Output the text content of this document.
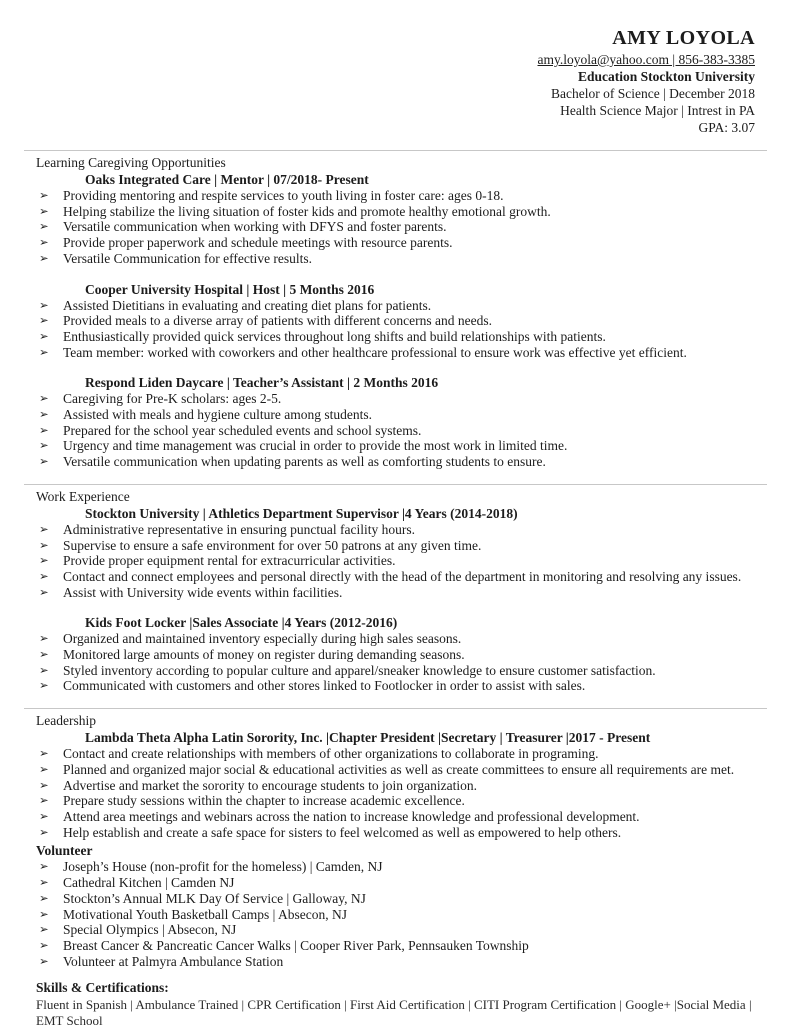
AMY LOYOLA
amy.loyola@yahoo.com | 856-383-3385
Education Stockton University
Bachelor of Science | December 2018
Health Science Major | Intrest in PA
GPA: 3.07
Learning Caregiving Opportunities
Oaks Integrated Care | Mentor | 07/2018- Present
➢	Providing mentoring and respite services to youth living in foster care: ages 0-18.
➢	Helping stabilize the living situation of foster kids and promote healthy emotional growth.
➢	Versatile communication when working with DFYS and foster parents.
➢	Provide proper paperwork and schedule meetings with resource parents.
➢	Versatile Communication for effective results.
Cooper University Hospital | Host | 5 Months 2016
➢	Assisted Dietitians in evaluating and creating diet plans for patients.
➢	Provided meals to a diverse array of patients with different concerns and needs.
➢	Enthusiastically provided quick services throughout long shifts and build relationships with patients.
➢	Team member: worked with coworkers and other healthcare professional to ensure work was effective yet efficient.
Respond Liden Daycare | Teacher’s Assistant | 2 Months 2016
➢	Caregiving for Pre-K scholars: ages 2-5.
➢	Assisted with meals and hygiene culture among students.
➢	Prepared for the school year scheduled events and school systems.
➢	Urgency and time management was crucial in order to provide the most work in limited time.
➢	Versatile communication when updating parents as well as comforting students to ensure.
Work Experience
Stockton University | Athletics Department Supervisor |4 Years (2014-2018)
➢	Administrative representative in ensuring punctual facility hours.
➢	Supervise to ensure a safe environment for over 50 patrons at any given time.
➢	Provide proper equipment rental for extracurricular activities.
➢	Contact and connect employees and personal directly with the head of the department in monitoring and resolving any issues.
➢	Assist with University wide events within facilities.
Kids Foot Locker |Sales Associate |4 Years (2012-2016)
➢	Organized and maintained inventory especially during high sales seasons.
➢	Monitored large amounts of money on register during demanding seasons.
➢	Styled inventory according to popular culture and apparel/sneaker knowledge to ensure customer satisfaction.
➢	Communicated with customers and other stores linked to Footlocker in order to assist with sales.
Leadership
Lambda Theta Alpha Latin Sorority, Inc. |Chapter President |Secretary | Treasurer |2017 - Present
➢	Contact and create relationships with members of other organizations to collaborate in programing.
➢	Planned and organized major social & educational activities as well as create committees to ensure all requirements are met.
➢	Advertise and market the sorority to encourage students to join organization.
➢	Prepare study sessions within the chapter to increase academic excellence.
➢	Attend area meetings and webinars across the nation to increase knowledge and professional development.
➢	Help establish and create a safe space for sisters to feel welcomed as well as empowered to help others.
Volunteer
➢	Joseph’s House (non-profit for the homeless) | Camden, NJ
➢	Cathedral Kitchen | Camden NJ
➢	Stockton’s Annual MLK Day Of Service | Galloway, NJ
➢	Motivational Youth Basketball Camps | Absecon, NJ
➢	Special Olympics | Absecon, NJ
➢	Breast Cancer & Pancreatic Cancer Walks | Cooper River Park, Pennsauken Township
➢	Volunteer at Palmyra Ambulance Station
Skills & Certifications:
Fluent in Spanish | Ambulance Trained | CPR Certification | First Aid Certification | CITI Program Certification | Google+ |Social Media | EMT School
